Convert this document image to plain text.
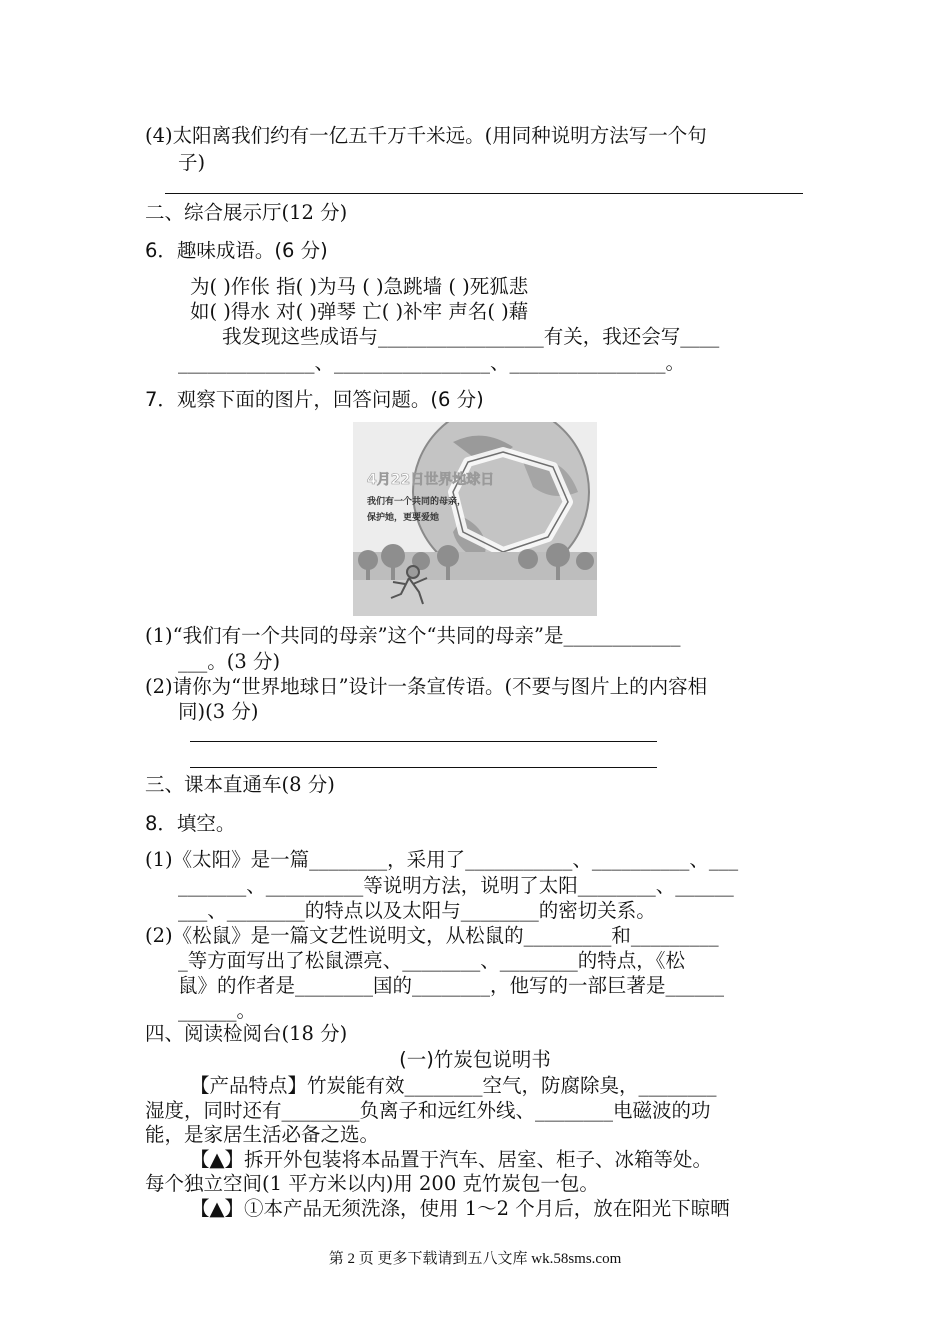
(4)太阳离我们约有一亿五千万千米远。(用同种说明方法写一个句
子)
二、综合展示厅(12 分)
6．趣味成语。(6 分)
为( )作伥 指( )为马 ( )急跳墙 ( )死狐悲
如( )得水 对( )弹琴 亡( )补牢 声名( )藉
我发现这些成语与_________________有关，我还会写____
______________、________________、________________。
7．观察下面的图片，回答问题。(6 分)
4月22日世界地球日
我们有一个共同的母亲，
保护她，更要爱她
(1)“我们有一个共同的母亲”这个“共同的母亲”是____________
___。(3 分)
(2)请你为“世界地球日”设计一条宣传语。(不要与图片上的内容相
同)(3 分)
三、课本直通车(8 分)
8．填空。
(1)《太阳》是一篇________，采用了___________、__________、___
_______、__________等说明方法，说明了太阳________、______
___、________的特点以及太阳与________的密切关系。
(2)《松鼠》是一篇文艺性说明文，从松鼠的_________和_________
_等方面写出了松鼠漂亮、________、________的特点，《松
鼠》的作者是________国的________，他写的一部巨著是______
______。
四、阅读检阅台(18 分)
(一)竹炭包说明书
【产品特点】竹炭能有效________空气，防腐除臭，________
湿度，同时还有________负离子和远红外线、________电磁波的功
能，是家居生活必备之选。
【▲】拆开外包装将本品置于汽车、居室、柜子、冰箱等处。
每个独立空间(1 平方米以内)用 200 克竹炭包一包。
【▲】①本产品无须洗涤，使用 1～2 个月后，放在阳光下晾晒
第 2 页 更多下载请到五八文库 wk.58sms.com
